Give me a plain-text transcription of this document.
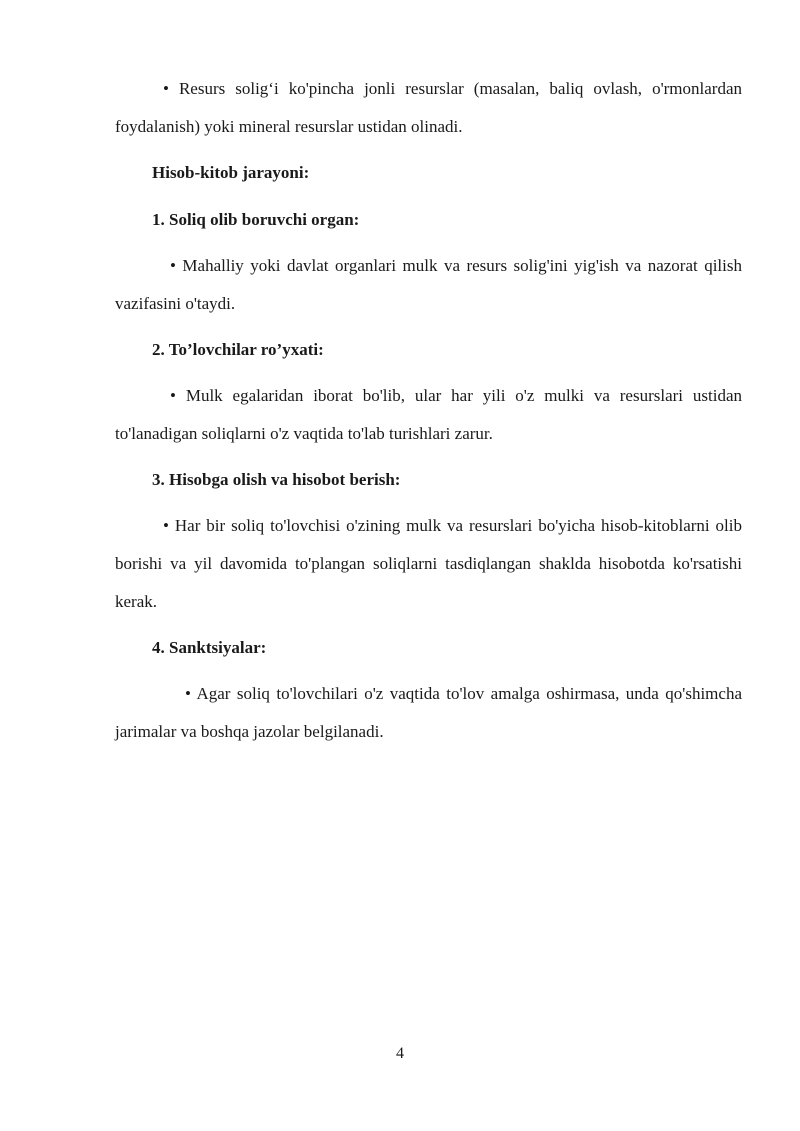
• Resurs solig‘i ko'pincha jonli resurslar (masalan, baliq ovlash, o'rmonlardan foydalanish) yoki mineral resurslar ustidan olinadi.

Hisob-kitob jarayoni:

1. Soliq olib boruvchi organ:

• Mahalliy yoki davlat organlari mulk va resurs solig'ini yig'ish va nazorat qilish vazifasini o'taydi.

2. To’lovchilar ro’yxati:

• Mulk egalaridan iborat bo'lib, ular har yili o'z mulki va resurslari ustidan to'lanadigan soliqlarni o'z vaqtida to'lab turishlari zarur.

3. Hisobga olish va hisobot berish:

• Har bir soliq to'lovchisi o'zining mulk va resurslari bo'yicha hisob-kitoblarni olib borishi va yil davomida to'plangan soliqlarni tasdiqlangan shaklda hisobotda ko'rsatishi kerak.

4. Sanktsiyalar:

• Agar soliq to'lovchilari o'z vaqtida to'lov amalga oshirmasa, unda qo'shimcha jarimalar va boshqa jazolar belgilanadi.

4
